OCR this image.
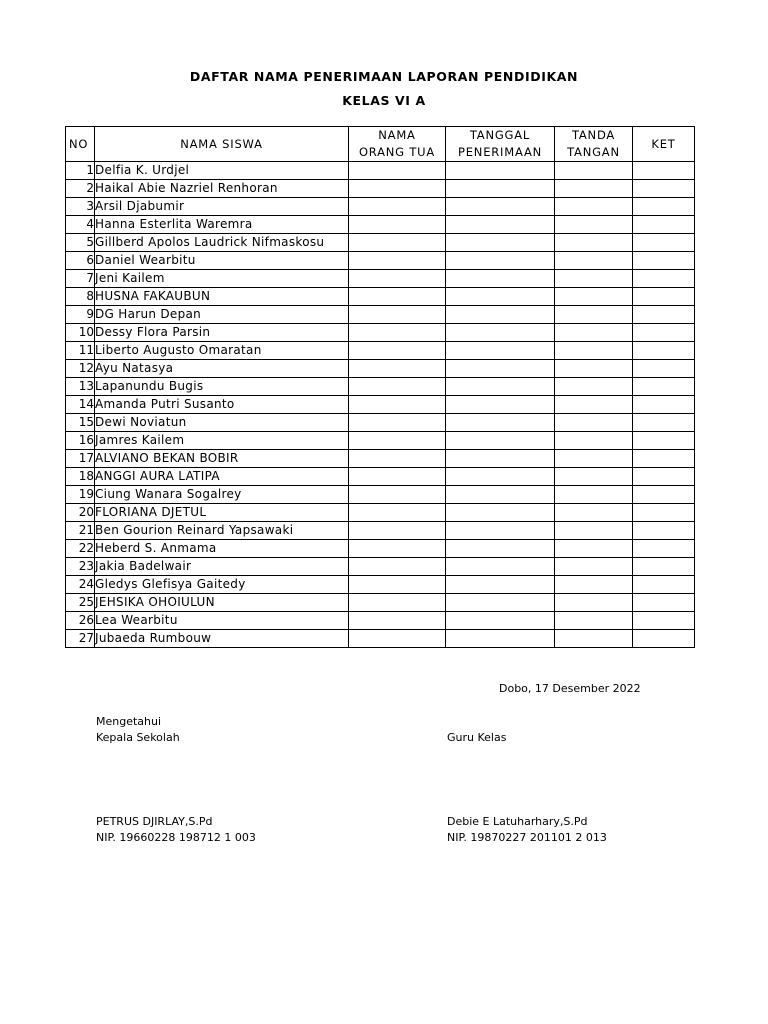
DAFTAR NAMA PENERIMAAN LAPORAN PENDIDIKAN
KELAS VI A
NO	NAMA SISWA	NAMA	TANGGAL	TANDA	KET
		ORANG TUA	PENERIMAAN	TANGAN	
1	Delfia K. Urdjel				
2	Haikal Abie Nazriel Renhoran				
3	Arsil Djabumir				
4	Hanna Esterlita Waremra				
5	Gillberd Apolos Laudrick Nifmaskosu				
6	Daniel Wearbitu				
7	Jeni Kailem				
8	HUSNA FAKAUBUN				
9	DG Harun Depan				
10	Dessy Flora Parsin				
11	Liberto Augusto Omaratan				
12	Ayu Natasya				
13	Lapanundu Bugis				
14	Amanda Putri Susanto				
15	Dewi Noviatun				
16	Jamres Kailem				
17	ALVIANO BEKAN BOBIR				
18	ANGGI AURA LATIPA				
19	Ciung Wanara Sogalrey				
20	FLORIANA DJETUL				
21	Ben Gourion Reinard Yapsawaki				
22	Heberd S. Anmama				
23	Jakia Badelwair				
24	Gledys Glefisya Gaitedy				
25	JEHSIKA OHOIULUN				
26	Lea Wearbitu				
27	Jubaeda Rumbouw				
Dobo, 17 Desember 2022
Mengetahui
Kepala Sekolah	Guru Kelas
PETRUS DJIRLAY,S.Pd
NIP. 19660228 198712 1 003
Debie E Latuharhary,S.Pd
NIP. 19870227 201101 2 013
